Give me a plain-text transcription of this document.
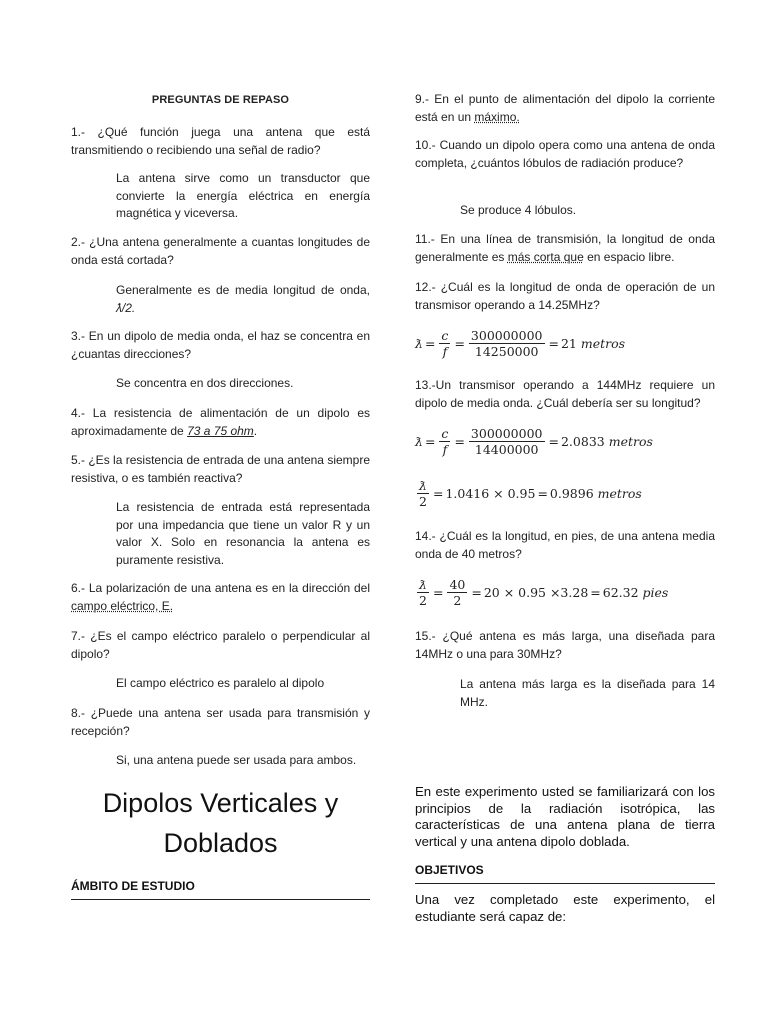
PREGUNTAS DE REPASO
1.- ¿Qué función juega una antena que está transmitiendo o recibiendo una señal de radio?
La antena sirve como un transductor que convierte la energía eléctrica en energía magnética y viceversa.
2.- ¿Una antena generalmente a cuantas longitudes de onda está cortada?
Generalmente es de media longitud de onda, ƛ/2.
3.- En un dipolo de media onda, el haz se concentra en ¿cuantas direcciones?
Se concentra en dos direcciones.
4.- La resistencia de alimentación de un dipolo es aproximadamente de 73 a 75 ohm.
5.- ¿Es la resistencia de entrada de una antena siempre resistiva, o es también reactiva?
La resistencia de entrada está representada por una impedancia que tiene un valor R y un valor X. Solo en resonancia la antena es puramente resistiva.
6.- La polarización de una antena es en la dirección del campo eléctrico, E.
7.- ¿Es el campo eléctrico paralelo o perpendicular al dipolo?
El campo eléctrico es paralelo al dipolo
8.- ¿Puede una antena ser usada para transmisión y recepción?
Si, una antena puede ser usada para ambos.
Dipolos Verticales y Doblados
ÁMBITO DE ESTUDIO
9.- En el punto de alimentación del dipolo la corriente está en un máximo.
10.- Cuando un dipolo opera como una antena de onda completa, ¿cuántos lóbulos de radiación produce?
Se produce 4 lóbulos.
11.- En una línea de transmisión, la longitud de onda generalmente es más corta que en espacio libre.
12.- ¿Cuál es la longitud de onda de operación de un transmisor operando a 14.25MHz?
ƛ = $\frac{c}{f} = \frac{300000000}{14250000} = 21$
metros
13.-Un transmisor operando a 144MHz requiere un dipolo de media onda. ¿Cuál debería ser su longitud?
ƛ = $\frac{c}{f} = \frac{300000000}{14400000} = 2.0833$
metros
$\frac{ƛ}{2} = 1.0416 \times 0.95 = 0.9896$
metros
14.- ¿Cuál es la longitud, en pies, de una antena media onda de 40 metros?
$\frac{ƛ}{2} = \frac{40}{2} = 20 \times 0.95 \times 3.28 = 62.32$
pies
15.- ¿Qué antena es más larga, una diseñada para 14MHz o una para 30MHz?
La antena más larga es la diseñada para 14 MHz.
En este experimento usted se familiarizará con los principios de la radiación isotrópica, las características de una antena plana de tierra vertical y una antena dipolo doblada.
OBJETIVOS
Una vez completado este experimento, el estudiante será capaz de:
